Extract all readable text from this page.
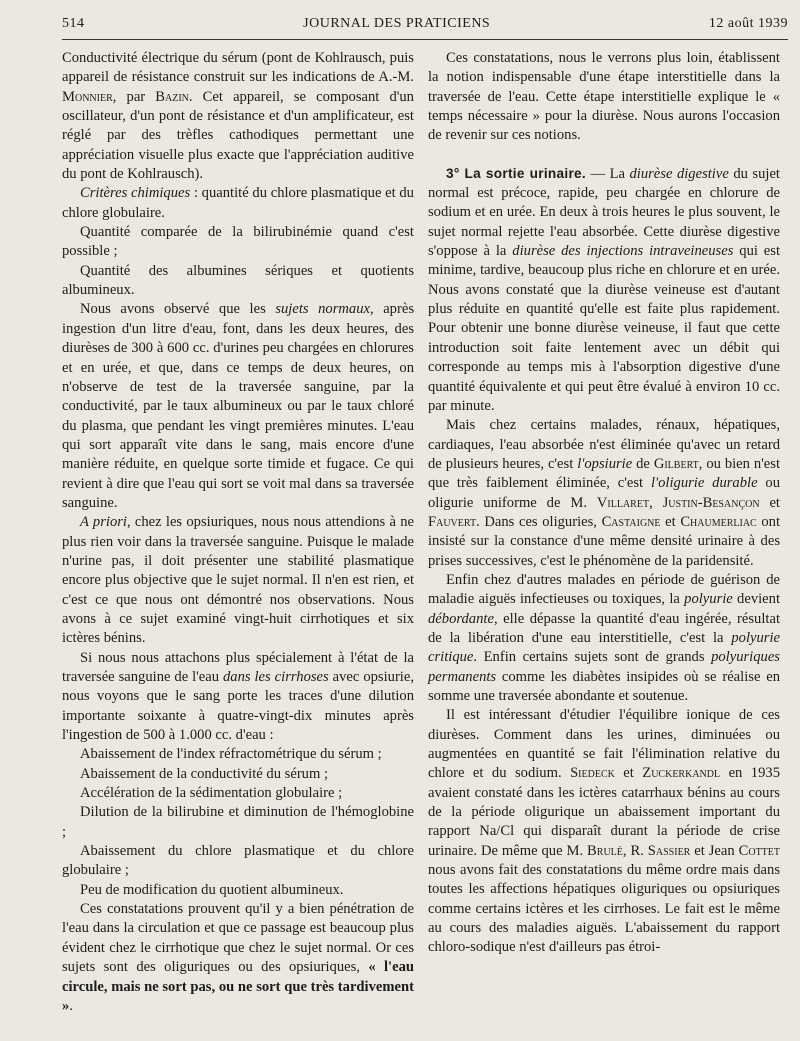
514	JOURNAL DES PRATICIENS	12 août 1939

Conductivité électrique du sérum (pont de Kohlrausch, puis appareil de résistance construit sur les indications de A.-M. Monnier, par Bazin. Cet appareil, se composant d'un oscillateur, d'un pont de résistance et d'un amplificateur, est réglé par des trèfles cathodiques permettant une appréciation visuelle plus exacte que l'appréciation auditive du pont de Kohlrausch).

Critères chimiques : quantité du chlore plasmatique et du chlore globulaire.

Quantité comparée de la bilirubinémie quand c'est possible ;

Quantité des albumines sériques et quotients albumineux.

Nous avons observé que les sujets normaux, après ingestion d'un litre d'eau, font, dans les deux heures, des diurèses de 300 à 600 cc. d'urines peu chargées en chlorures et en urée, et que, dans ce temps de deux heures, on n'observe de test de la traversée sanguine, par la conductivité, par le taux albumineux ou par le taux chloré du plasma, que pendant les vingt premières minutes. L'eau qui sort apparaît vite dans le sang, mais encore d'une manière réduite, en quelque sorte timide et fugace. Ce qui revient à dire que l'eau qui sort se voit mal dans sa traversée sanguine.

A priori, chez les opsiuriques, nous nous attendions à ne plus rien voir dans la traversée sanguine. Puisque le malade n'urine pas, il doit présenter une stabilité plasmatique encore plus objective que le sujet normal. Il n'en est rien, et c'est ce que nous ont démontré nos observations. Nous avons à ce sujet examiné vingt-huit cirrhotiques et six ictères bénins.

Si nous nous attachons plus spécialement à l'état de la traversée sanguine de l'eau dans les cirrhoses avec opsiurie, nous voyons que le sang porte les traces d'une dilution importante soixante à quatre-vingt-dix minutes après l'ingestion de 500 à 1.000 cc. d'eau :

Abaissement de l'index réfractométrique du sérum ;

Abaissement de la conductivité du sérum ;

Accélération de la sédimentation globulaire ;

Dilution de la bilirubine et diminution de l'hémoglobine ;

Abaissement du chlore plasmatique et du chlore globulaire ;

Peu de modification du quotient albumineux.

Ces constatations prouvent qu'il y a bien pénétration de l'eau dans la circulation et que ce passage est beaucoup plus évident chez le cirrhotique que chez le sujet normal. Or ces sujets sont des oliguriques ou des opsiuriques, « l'eau circule, mais ne sort pas, ou ne sort que très tardivement ».

Ces constatations, nous le verrons plus loin, établissent la notion indispensable d'une étape interstitielle dans la traversée de l'eau. Cette étape interstitielle explique le « temps nécessaire » pour la diurèse. Nous aurons l'occasion de revenir sur ces notions.

3° La sortie urinaire. — La diurèse digestive du sujet normal est précoce, rapide, peu chargée en chlorure de sodium et en urée. En deux à trois heures le plus souvent, le sujet normal rejette l'eau absorbée. Cette diurèse digestive s'oppose à la diurèse des injections intraveineuses qui est minime, tardive, beaucoup plus riche en chlorure et en urée. Nous avons constaté que la diurèse veineuse est d'autant plus réduite en quantité qu'elle est faite plus rapidement. Pour obtenir une bonne diurèse veineuse, il faut que cette introduction soit faite lentement avec un débit qui corresponde au temps mis à l'absorption digestive d'une quantité équivalente et qui peut être évalué à environ 10 cc. par minute.

Mais chez certains malades, rénaux, hépatiques, cardiaques, l'eau absorbée n'est éliminée qu'avec un retard de plusieurs heures, c'est l'opsiurie de Gilbert, ou bien n'est que très faiblement éliminée, c'est l'oligurie durable ou oligurie uniforme de M. Villaret, Justin-Besançon et Fauvert. Dans ces oliguries, Castaigne et Chaumerliac ont insisté sur la constance d'une même densité urinaire à des prises successives, c'est le phénomène de la paridensité.

Enfin chez d'autres malades en période de guérison de maladie aiguës infectieuses ou toxiques, la polyurie devient débordante, elle dépasse la quantité d'eau ingérée, résultat de la libération d'une eau interstitielle, c'est la polyurie critique. Enfin certains sujets sont de grands polyuriques permanents comme les diabètes insipides où se réalise en somme une traversée abondante et soutenue.

Il est intéressant d'étudier l'équilibre ionique de ces diurèses. Comment dans les urines, diminuées ou augmentées en quantité se fait l'élimination relative du chlore et du sodium. Siedeck et Zuckerkandl en 1935 avaient constaté dans les ictères catarrhaux bénins au cours de la période oligurique un abaissement important du rapport Na/Cl qui disparaît durant la période de crise urinaire. De même que M. Brulé, R. Sassier et Jean Cottet nous avons fait des constatations du même ordre mais dans toutes les affections hépatiques oliguriques ou opsiuriques comme certains ictères et les cirrhoses. Le fait est le même au cours des maladies aiguës. L'abaissement du rapport chloro-sodique n'est d'ailleurs pas étroi-
